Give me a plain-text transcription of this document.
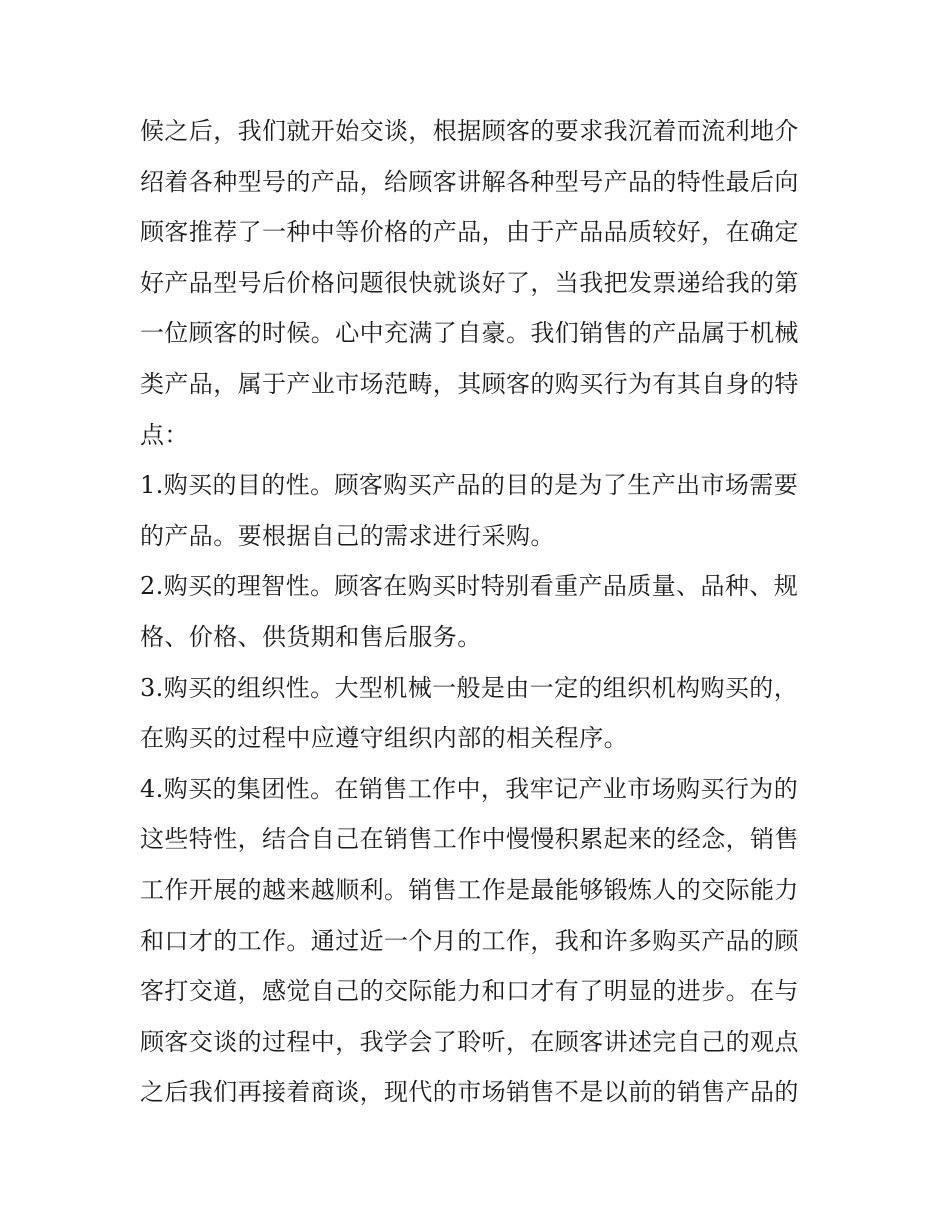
候之后，我们就开始交谈，根据顾客的要求我沉着而流利地介
绍着各种型号的产品，给顾客讲解各种型号产品的特性最后向
顾客推荐了一种中等价格的产品，由于产品品质较好，在确定
好产品型号后价格问题很快就谈好了，当我把发票递给我的第
一位顾客的时候。心中充满了自豪。我们销售的产品属于机械
类产品，属于产业市场范畴，其顾客的购买行为有其自身的特
点：
1.购买的目的性。顾客购买产品的目的是为了生产出市场需要
的产品。要根据自己的需求进行采购。
2.购买的理智性。顾客在购买时特别看重产品质量、品种、规
格、价格、供货期和售后服务。
3.购买的组织性。大型机械一般是由一定的组织机构购买的，
在购买的过程中应遵守组织内部的相关程序。
4.购买的集团性。在销售工作中，我牢记产业市场购买行为的
这些特性，结合自己在销售工作中慢慢积累起来的经念，销售
工作开展的越来越顺利。销售工作是最能够锻炼人的交际能力
和口才的工作。通过近一个月的工作，我和许多购买产品的顾
客打交道，感觉自己的交际能力和口才有了明显的进步。在与
顾客交谈的过程中，我学会了聆听，在顾客讲述完自己的观点
之后我们再接着商谈，现代的市场销售不是以前的销售产品的
